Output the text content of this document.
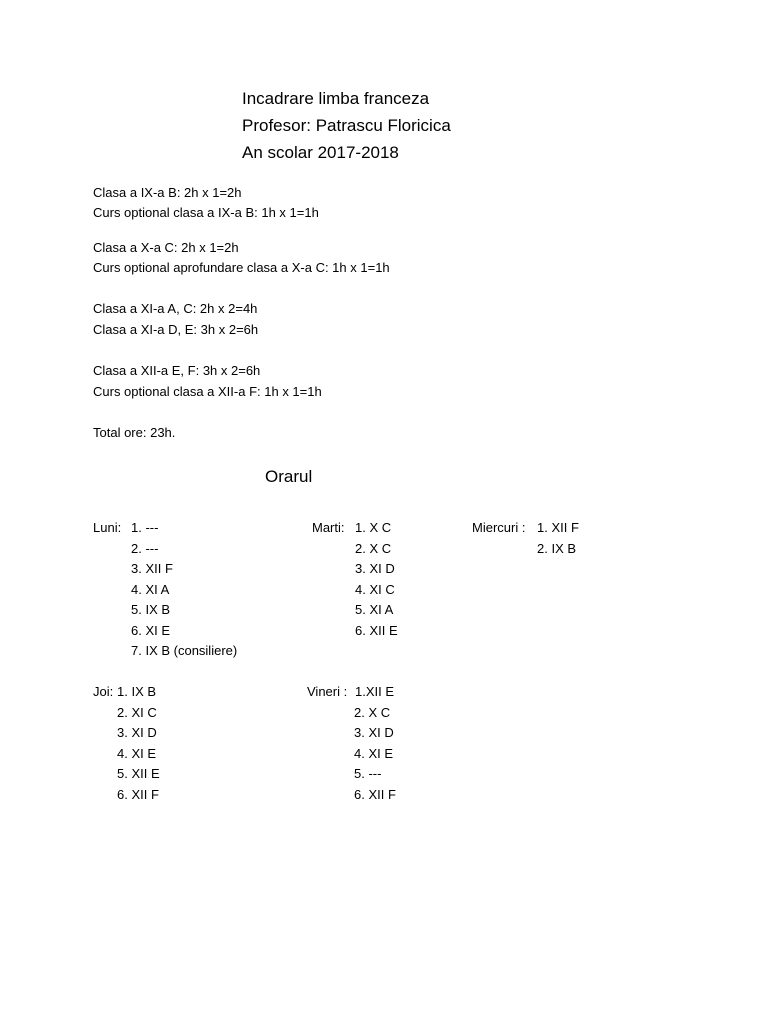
Incadrare limba franceza

Profesor: Patrascu Floricica

An scolar 2017-2018

Clasa a IX-a B: 2h x 1=2h

Curs optional clasa a IX-a B: 1h x 1=1h

Clasa a X-a C: 2h x 1=2h

Curs optional aprofundare clasa a X-a C: 1h x 1=1h

Clasa a XI-a A, C: 2h x 2=4h

Clasa a XI-a D, E: 3h x 2=6h

Clasa a XII-a E, F: 3h x 2=6h

Curs optional clasa a XII-a F: 1h x 1=1h

Total ore: 23h.

Orarul
Luni: 1. ---
2. ---
3. XII F
4. XI A
5. IX B
6. XI E
7. IX B (consiliere)
Marti: 1. X C
2. X C
3. XI D
4. XI C
5. XI A
6. XII E
Miercuri : 1. XII F
2. IX B
Joi: 1. IX B
2. XI C
3. XI D
4. XI E
5. XII E
6. XII F
Vineri : 1.XII E
2. X C
3. XI D
4. XI E
5. ---
6. XII F
